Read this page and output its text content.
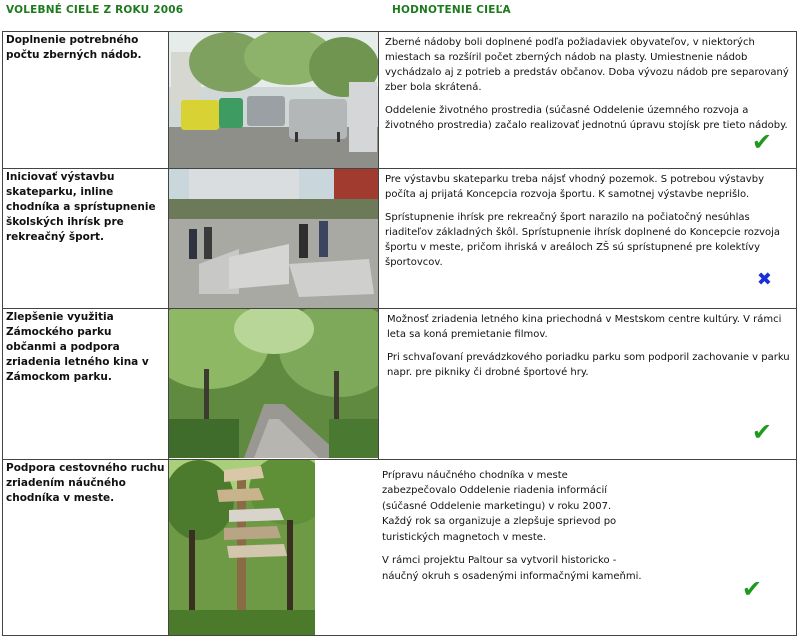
VOLEBNÉ CIELE Z ROKU 2006	HODNOTENIE CIEĽA
Doplnenie potrebného počtu zberných nádob.		Zberné nádoby boli doplnené podľa požiadaviek obyvateľov, v niektorých miestach sa rozšíril počet zberných nádob na plasty. Umiestnenie nádob vychádzalo aj z potrieb a predstáv občanov. Doba vývozu nádob pre separovaný zber bola skrátená.

Oddelenie životného prostredia (súčasné Oddelenie územného rozvoja a životného prostredia) začalo realizovať jednotnú úpravu stojísk pre tieto nádoby.

✔

Iniciovať výstavbu skateparku, inline chodníka a sprístupnenie školských ihrísk pre rekreačný šport.		Pre výstavbu skateparku treba nájsť vhodný pozemok. S potrebou výstavby počíta aj prijatá Koncepcia rozvoja športu. K samotnej výstavbe neprišlo.

Sprístupnenie ihrísk pre rekreačný šport narazilo na počiatočný nesúhlas riaditeľov základných škôl. Sprístupnenie ihrísk doplnené do Koncepcie rozvoja športu v meste, pričom ihriská v areáloch ZŠ sú sprístupnené pre kolektívy športovcov.

✖

Zlepšenie využitia Zámockého parku občanmi a podpora zriadenia letného kina v Zámockom parku.		Možnosť zriadenia letného kina priechodná v Mestskom centre kultúry. V rámci leta sa koná premietanie filmov.

Pri schvaľovaní prevádzkového poriadku parku som podporil zachovanie v parku napr. pre pikniky či drobné športové hry.

✔

Podpora cestovného ruchu zriadením náučného chodníka v meste.	Prípravu náučného chodníka v meste zabezpečovalo Oddelenie riadenia informácií (súčasné Oddelenie marketingu) v roku 2007. Každý rok sa organizuje a zlepšuje sprievod po turistických magnetoch v meste.

V rámci projektu Paltour sa vytvoril historicko - náučný okruh s osadenými informačnými kameňmi. ✔	
